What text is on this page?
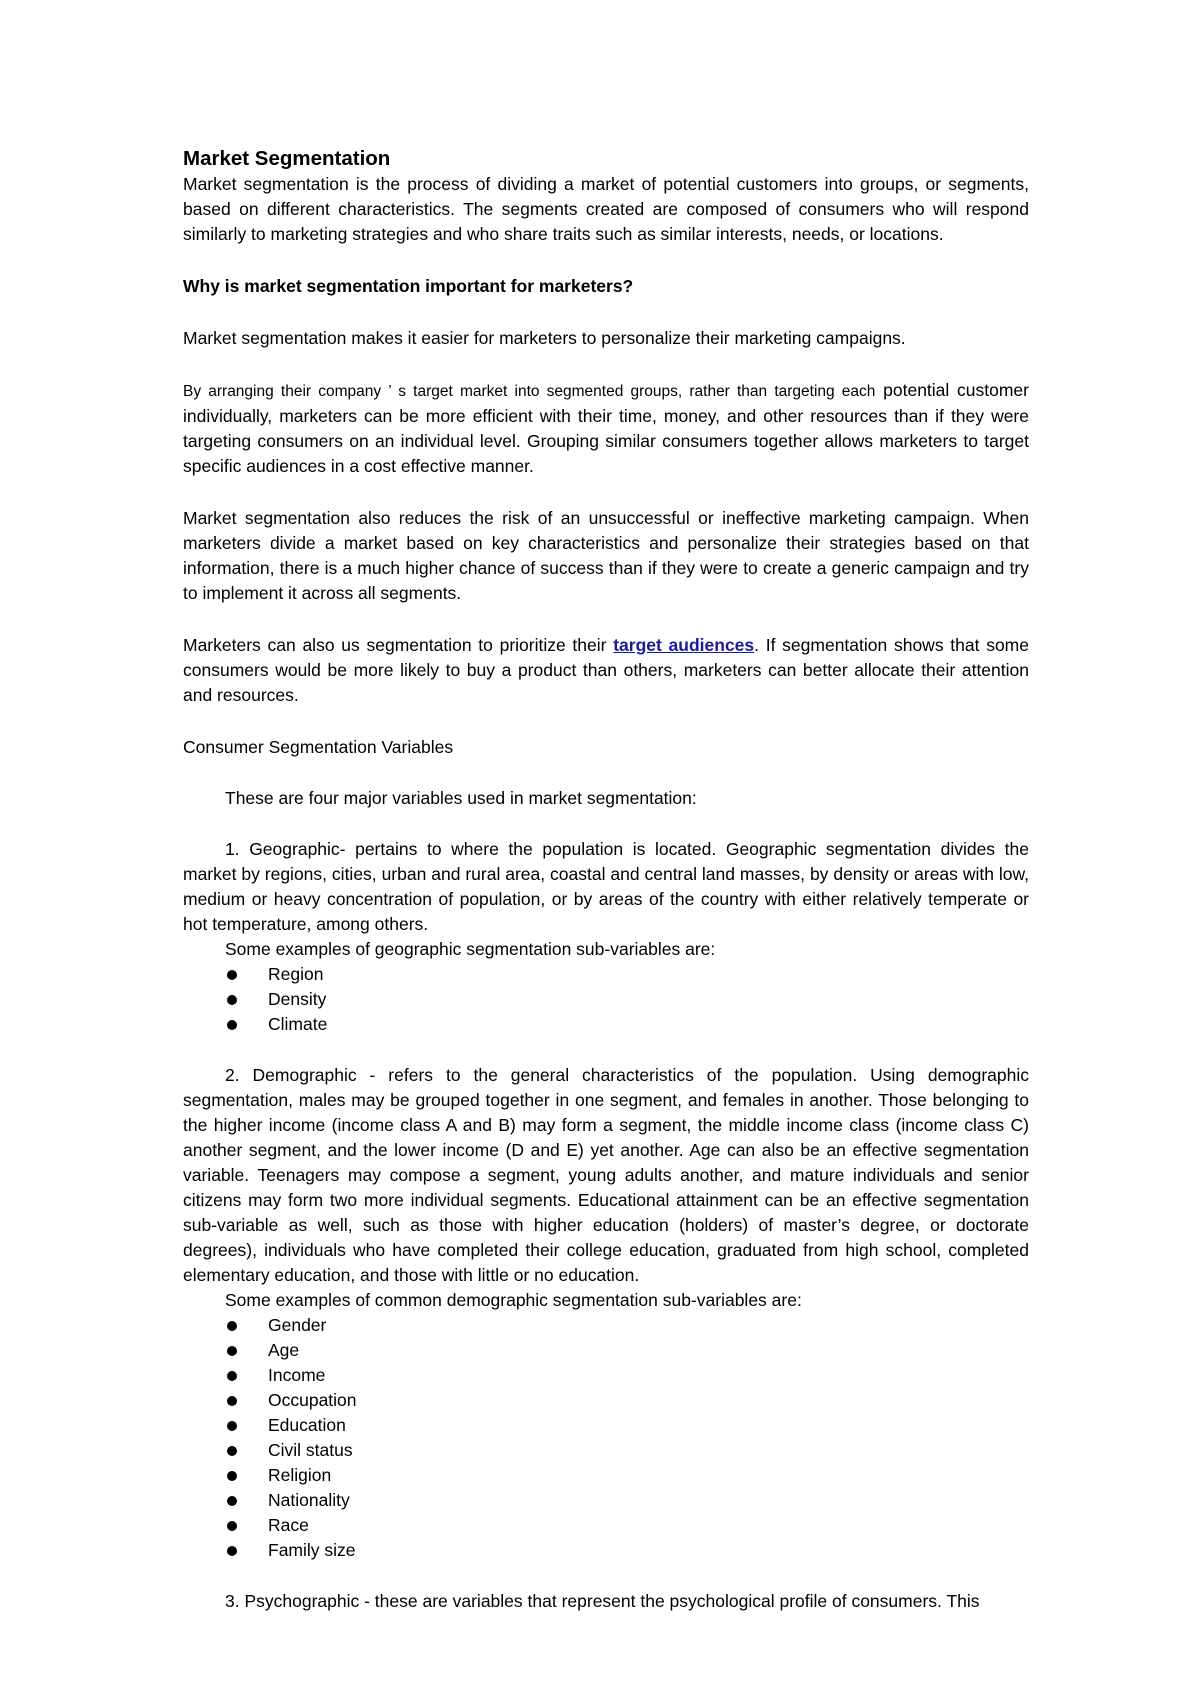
Market Segmentation

Market segmentation is the process of dividing a market of potential customers into groups, or segments, based on different characteristics. The segments created are composed of consumers who will respond similarly to marketing strategies and who share traits such as similar interests, needs, or locations.

Why is market segmentation important for marketers?

Market segmentation makes it easier for marketers to personalize their marketing campaigns.

By arranging their company ’ s target market into segmented groups, rather than targeting each potential customer individually, marketers can be more efficient with their time, money, and other resources than if they were targeting consumers on an individual level. Grouping similar consumers together allows marketers to target specific audiences in a cost effective manner.

Market segmentation also reduces the risk of an unsuccessful or ineffective marketing campaign. When marketers divide a market based on key characteristics and personalize their strategies based on that information, there is a much higher chance of success than if they were to create a generic campaign and try to implement it across all segments.

Marketers can also us segmentation to prioritize their target audiences. If segmentation shows that some consumers would be more likely to buy a product than others, marketers can better allocate their attention and resources.

Consumer Segmentation Variables

These are four major variables used in market segmentation:

1. Geographic- pertains to where the population is located. Geographic segmentation divides the market by regions, cities, urban and rural area, coastal and central land masses, by density or areas with low, medium or heavy concentration of population, or by areas of the country with either relatively temperate or hot temperature, among others.

Some examples of geographic segmentation sub-variables are:

Region
Density
Climate

2. Demographic - refers to the general characteristics of the population. Using demographic segmentation, males may be grouped together in one segment, and females in another. Those belonging to the higher income (income class A and B) may form a segment, the middle income class (income class C) another segment, and the lower income (D and E) yet another. Age can also be an effective segmentation variable. Teenagers may compose a segment, young adults another, and mature individuals and senior citizens may form two more individual segments. Educational attainment can be an effective segmentation sub-variable as well, such as those with higher education (holders) of master’s degree, or doctorate degrees), individuals who have completed their college education, graduated from high school, completed elementary education, and those with little or no education.

Some examples of common demographic segmentation sub-variables are:

Gender
Age
Income
Occupation
Education
Civil status
Religion
Nationality
Race
Family size

3. Psychographic - these are variables that represent the psychological profile of consumers. This
